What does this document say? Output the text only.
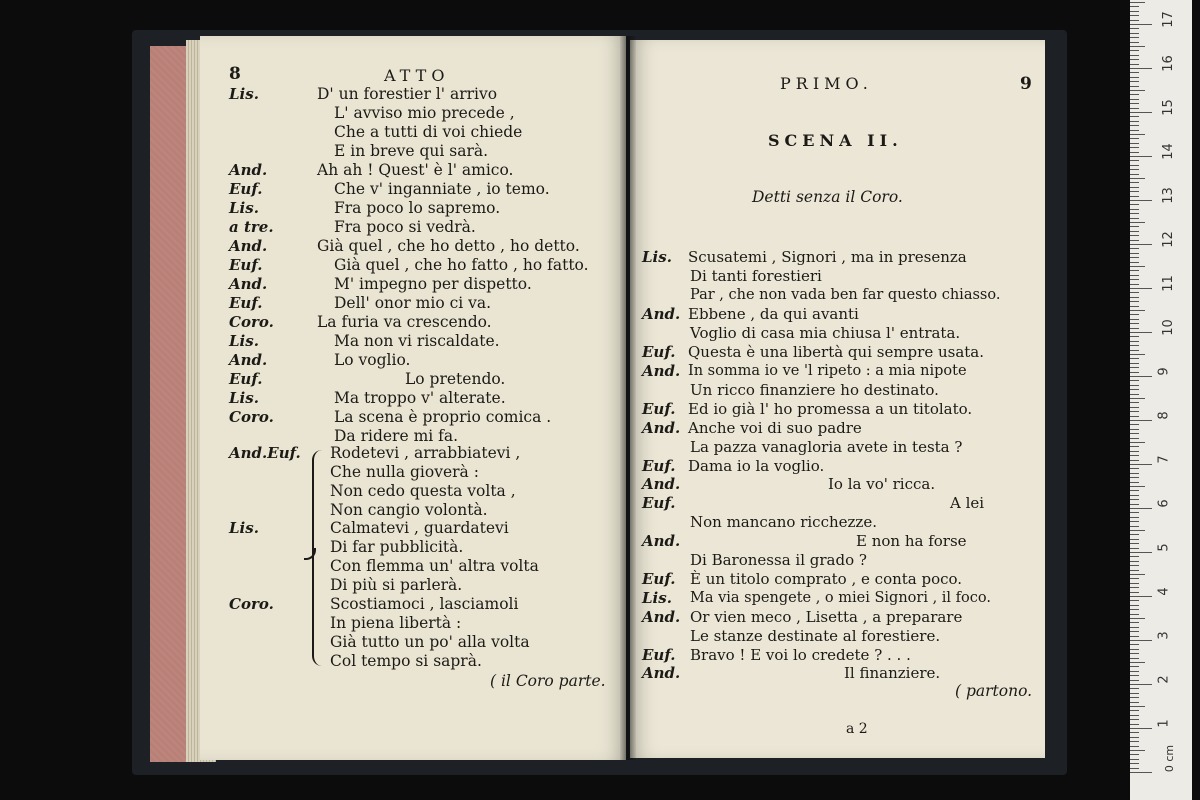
8	ATTO
Lis.
And.
Euf.
Lis.
a tre.
And.
Euf.
And.
Euf.
Coro.
Lis.
And.
Euf.
Lis.
Coro.
And.Euf.
Lis.
Coro.
D' un forestier l' arrivo
L' avviso mio precede ,
Che a tutti di voi chiede
E in breve qui sarà.
Ah ah ! Quest' è l' amico.
Che v' inganniate , io temo.
Fra poco lo sapremo.
Fra poco si vedrà.
Già quel , che ho detto , ho detto.
Già quel , che ho fatto , ho fatto.
M' impegno per dispetto.
Dell' onor mio ci va.
La furia va crescendo.
Ma non vi riscaldate.
Lo voglio.
Lo pretendo.
Ma troppo v' alterate.
La scena è proprio comica .
Da ridere mi fa.
Rodetevi , arrabbiatevi ,
Che nulla gioverà :
Non cedo questa volta ,
Non cangio volontà.
Calmatevi , guardatevi
Di far pubblicità.
Con flemma un' altra volta
Di più si parlerà.
Scostiamoci , lasciamoli
In piena libertà :
Già tutto un po' alla volta
Col tempo si saprà.
( il Coro parte.
PRIMO.	9
SCENA II.
Detti senza il Coro.
Lis.
And.
Euf.
And.
Euf.
And.
Euf.
And.
Euf.
And.
Euf.
Lis.
And.
Euf.
And.
Scusatemi , Signori , ma in presenza
Di tanti forestieri
Par , che non vada ben far questo chiasso.
Ebbene , da qui avanti
Voglio di casa mia chiusa l' entrata.
Questa è una libertà qui sempre usata.
In somma io ve 'l ripeto : a mia nipote
Un ricco finanziere ho destinato.
Ed io già l' ho promessa a un titolato.
Anche voi di suo padre
La pazza vanagloria avete in testa ?
Dama io la voglio.
Io la vo' ricca.
A lei
Non mancano ricchezze.
E non ha forse
Di Baronessa il grado ?
È un titolo comprato , e conta poco.
Ma via spengete , o miei Signori , il foco.
Or vien meco , Lisetta , a preparare
Le stanze destinate al forestiere.
Bravo ! E voi lo credete ? . . .
Il finanziere.
( partono.
a 2
17
16
15
14
13
12
11
10
9
8
7
6
5
4
3
2
1
0 cm
